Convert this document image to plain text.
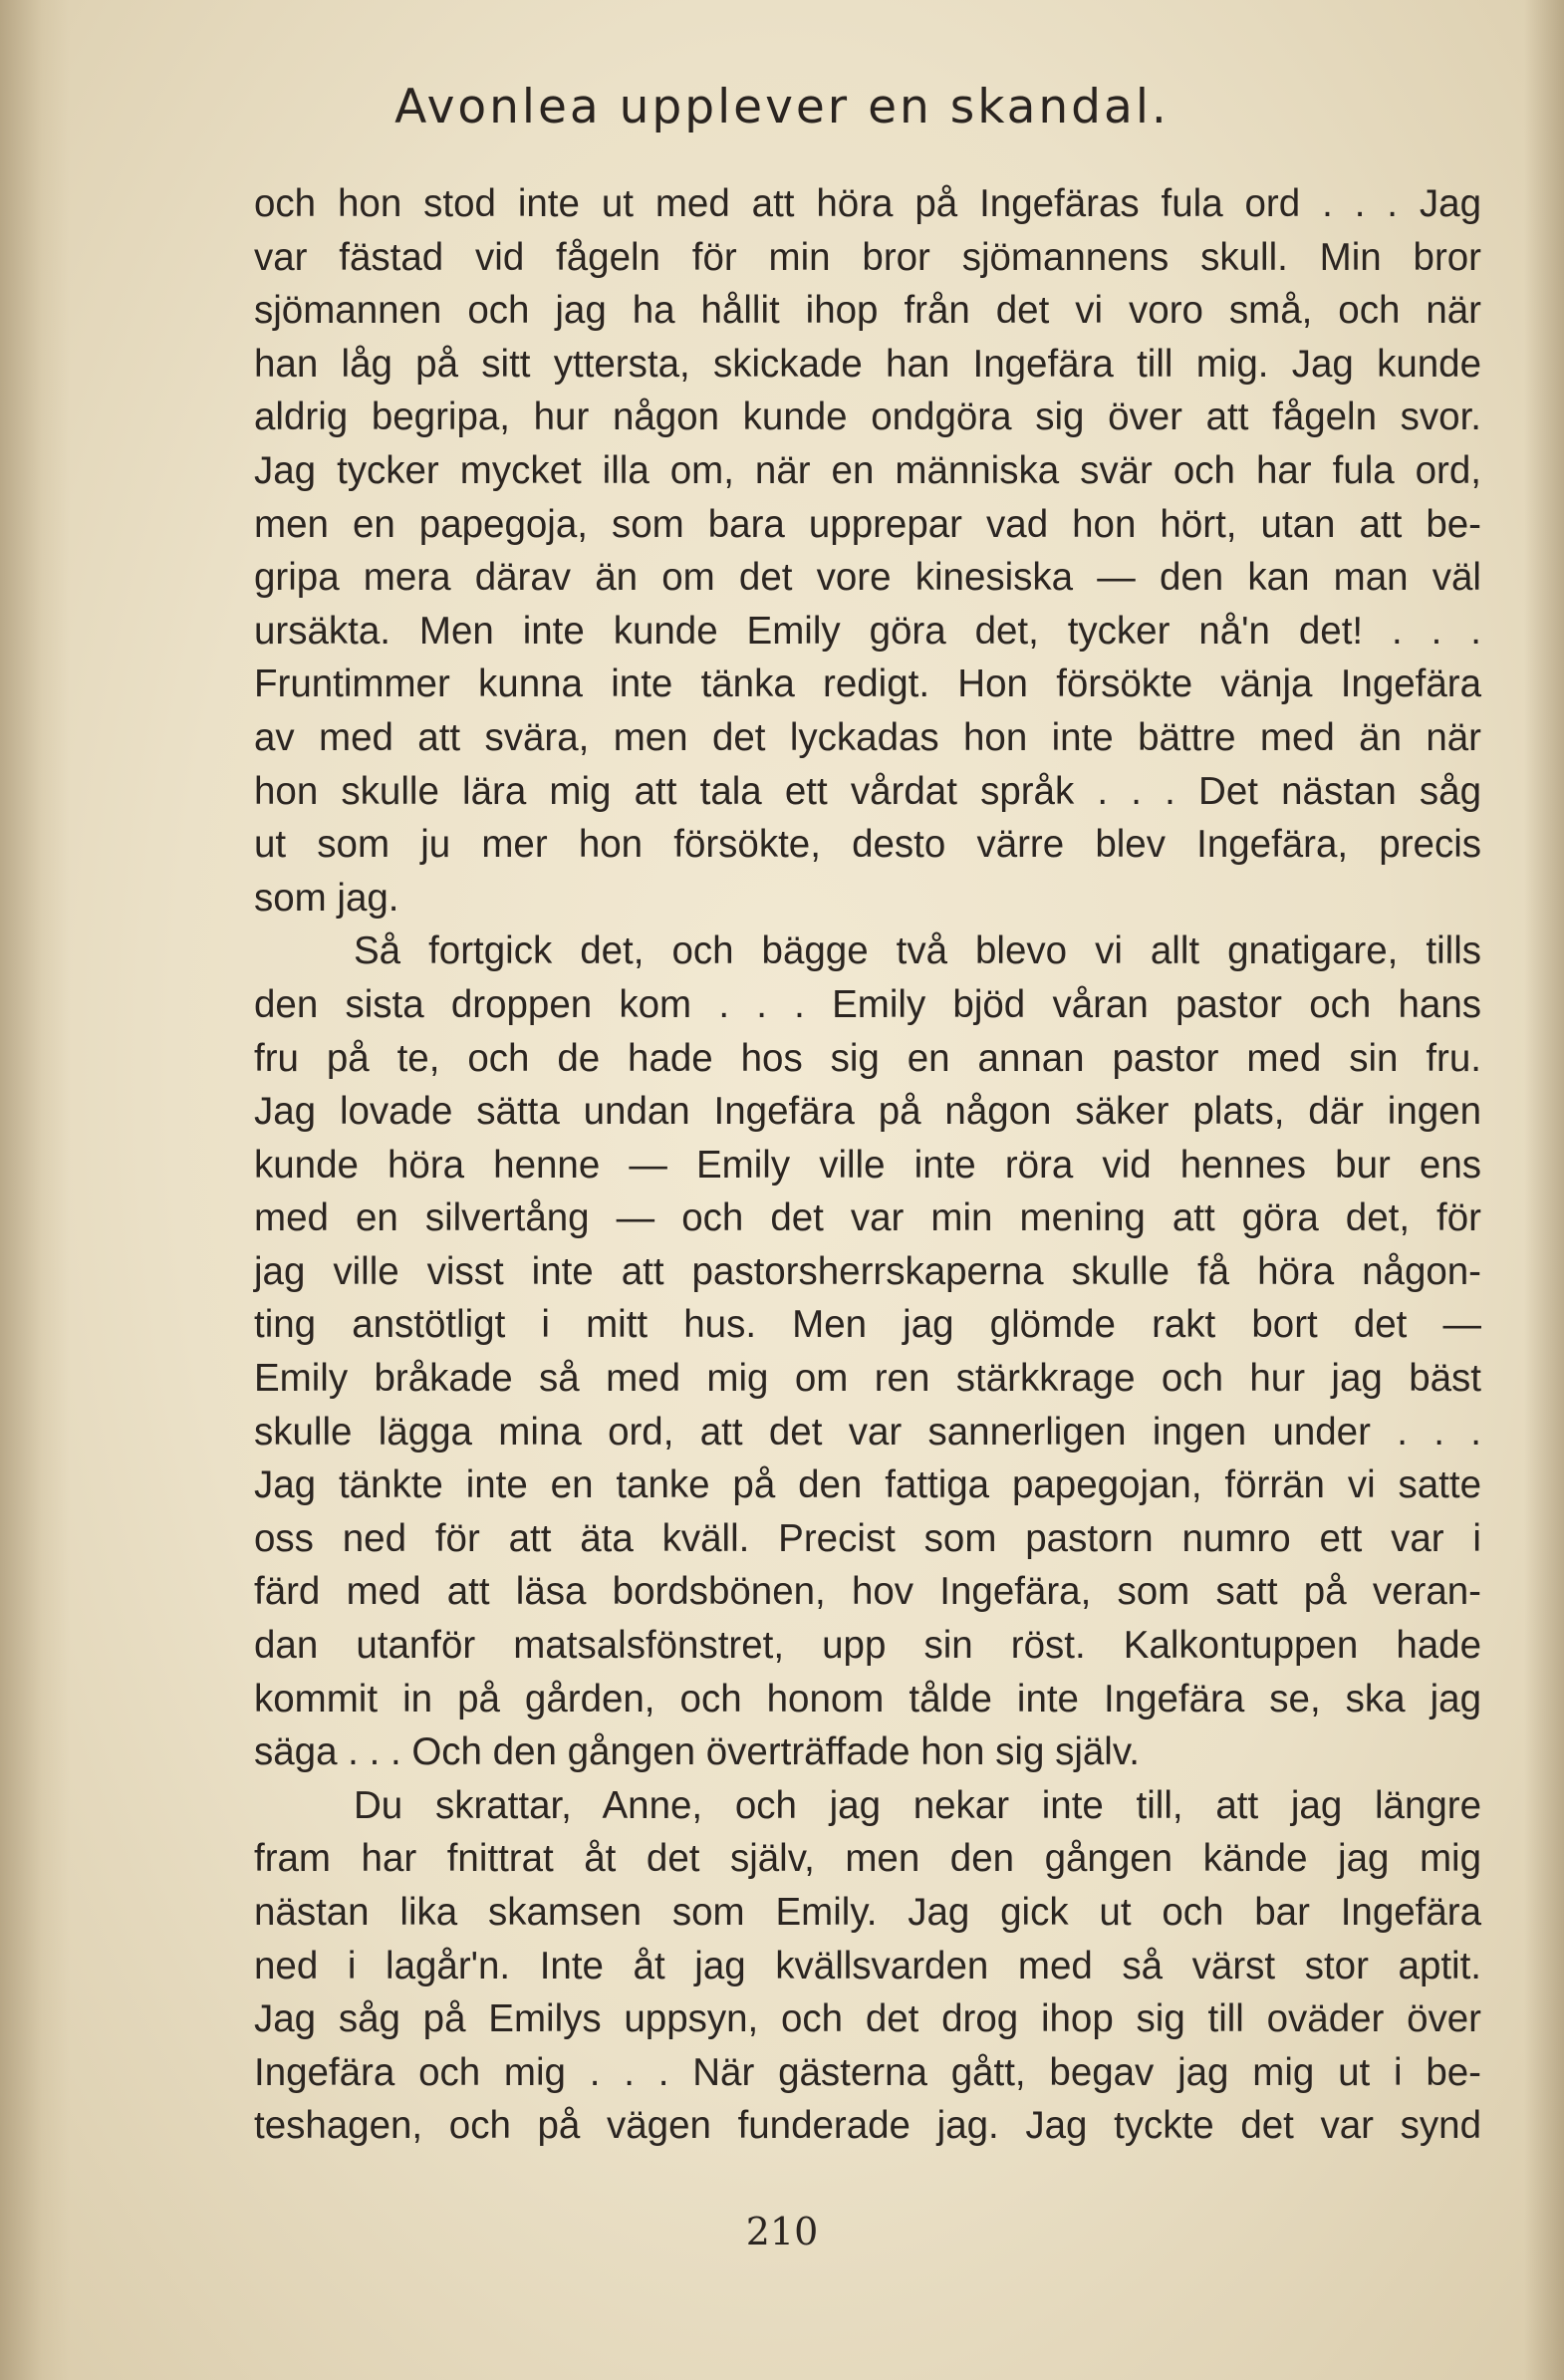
Avonlea upplever en skandal.
och hon stod inte ut med att höra på Ingefäras fula ord . . . Jag
var fästad vid fågeln för min bror sjömannens skull. Min bror
sjömannen och jag ha hållit ihop från det vi voro små, och när
han låg på sitt yttersta, skickade han Ingefära till mig. Jag kunde
aldrig begripa, hur någon kunde ondgöra sig över att fågeln svor.
Jag tycker mycket illa om, när en människa svär och har fula ord,
men en papegoja, som bara upprepar vad hon hört, utan att be-
gripa mera därav än om det vore kinesiska — den kan man väl
ursäkta. Men inte kunde Emily göra det, tycker nå'n det! . . .
Fruntimmer kunna inte tänka redigt. Hon försökte vänja Ingefära
av med att svära, men det lyckadas hon inte bättre med än när
hon skulle lära mig att tala ett vårdat språk . . . Det nästan såg
ut som ju mer hon försökte, desto värre blev Ingefära, precis
som jag.
Så fortgick det, och bägge två blevo vi allt gnatigare, tills
den sista droppen kom . . . Emily bjöd våran pastor och hans
fru på te, och de hade hos sig en annan pastor med sin fru.
Jag lovade sätta undan Ingefära på någon säker plats, där ingen
kunde höra henne — Emily ville inte röra vid hennes bur ens
med en silvertång — och det var min mening att göra det, för
jag ville visst inte att pastorsherrskaperna skulle få höra någon-
ting anstötligt i mitt hus. Men jag glömde rakt bort det —
Emily bråkade så med mig om ren stärkkrage och hur jag bäst
skulle lägga mina ord, att det var sannerligen ingen under . . .
Jag tänkte inte en tanke på den fattiga papegojan, förrän vi satte
oss ned för att äta kväll. Precist som pastorn numro ett var i
färd med att läsa bordsbönen, hov Ingefära, som satt på veran-
dan utanför matsalsfönstret, upp sin röst. Kalkontuppen hade
kommit in på gården, och honom tålde inte Ingefära se, ska jag
säga . . . Och den gången överträffade hon sig själv.
Du skrattar, Anne, och jag nekar inte till, att jag längre
fram har fnittrat åt det själv, men den gången kände jag mig
nästan lika skamsen som Emily. Jag gick ut och bar Ingefära
ned i lagår'n. Inte åt jag kvällsvarden med så värst stor aptit.
Jag såg på Emilys uppsyn, och det drog ihop sig till oväder över
Ingefära och mig . . . När gästerna gått, begav jag mig ut i be-
teshagen, och på vägen funderade jag. Jag tyckte det var synd
210
